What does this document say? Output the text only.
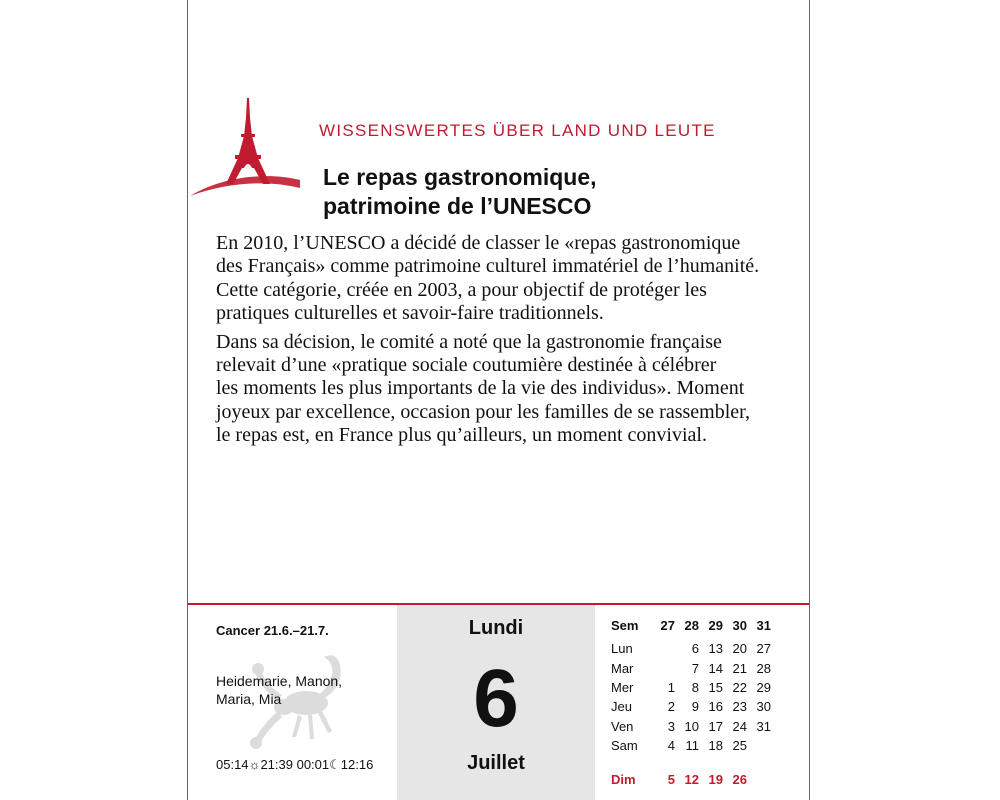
WISSENSWERTES ÜBER LAND UND LEUTE
Le repas gastronomique,
patrimoine de l’UNESCO

En 2010, l’UNESCO a décidé de classer le «repas gastronomique
des Français» comme patrimoine culturel immatériel de l’humanité.
Cette catégorie, créée en 2003, a pour objectif de protéger les
pratiques culturelles et savoir-faire traditionnels.

Dans sa décision, le comité a noté que la gastronomie française
relevait d’une «pratique sociale coutumière destinée à célébrer
les moments les plus importants de la vie des individus». Moment
joyeux par excellence, occasion pour les familles de se rassembler,
le repas est, en France plus qu’ailleurs, un moment convivial.

Cancer 21.6.–21.7.
Heidemarie, Manon,
Maria, Mia
05:14☼21:39 00:01☾12:16
Lundi
6
Juillet
Sem	27	28	29	30	31
Lun		6	13	20	27
Mar		7	14	21	28
Mer	1	8	15	22	29
Jeu	2	9	16	23	30
Ven	3	10	17	24	31
Sam	4	11	18	25	

Dim	5	12	19	26	
